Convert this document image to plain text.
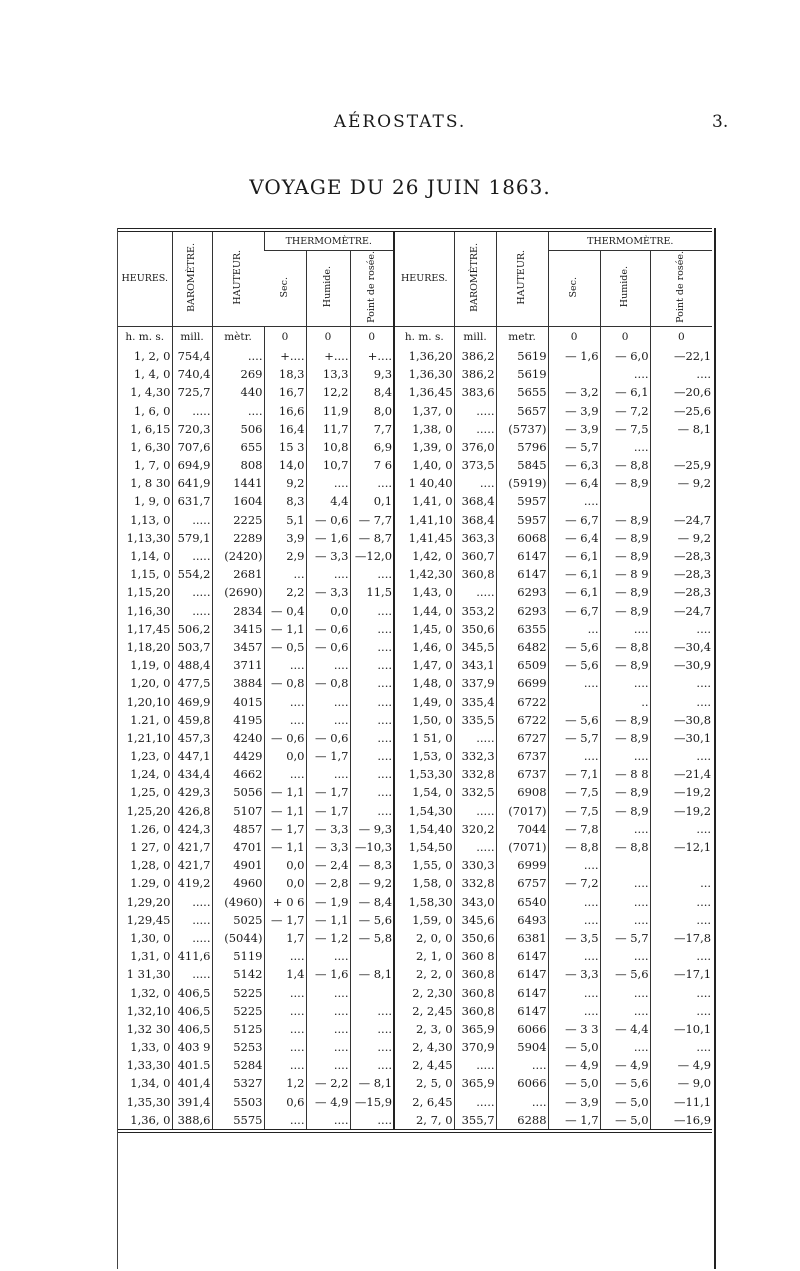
AÉROSTATS.	3.
VOYAGE DU 26 JUIN 1863.
HEURES.	BAROMÈTRE.	HAUTEUR.	THERMOMÈTRE.			HEURES.	BAROMÈTRE.	HAUTEUR.	THERMOMÈTRE.		
			Sec.	Humide.	Point de rosée.				Sec.	Humide.	Point de rosée.
h. m. s.	mill.	mètr.	0	0	0	h. m. s.	mill.	metr.	0	0	0
1, 2, 0	754,4	....	+....	+....	+....	1,36,20	386,2	5619	— 1,6	— 6,0	—22,1
1, 4, 0	740,4	269	18,3	13,3	9,3	1,36,30	386,2	5619		....	....
1, 4,30	725,7	440	16,7	12,2	8,4	1,36,45	383,6	5655	— 3,2	— 6,1	—20,6
1, 6, 0	.....	....	16,6	11,9	8,0	1,37, 0	.....	5657	— 3,9	— 7,2	—25,6
1, 6,15	720,3	506	16,4	11,7	7,7	1,38, 0	.....	(5737)	— 3,9	— 7,5	— 8,1
1, 6,30	707,6	655	15 3	10,8	6,9	1,39, 0	376,0	5796	— 5,7	....	
1, 7, 0	694,9	808	14,0	10,7	7 6	1,40, 0	373,5	5845	— 6,3	— 8,8	—25,9
1, 8 30	641,9	1441	9,2	....	....	1 40,40	....	(5919)	— 6,4	— 8,9	— 9,2
1, 9, 0	631,7	1604	8,3	4,4	0,1	1,41, 0	368,4	5957	....		
1,13, 0	.....	2225	5,1	— 0,6	— 7,7	1,41,10	368,4	5957	— 6,7	— 8,9	—24,7
1,13,30	579,1	2289	3,9	— 1,6	— 8,7	1,41,45	363,3	6068	— 6,4	— 8,9	— 9,2
1,14, 0	.....	(2420)	2,9	— 3,3	—12,0	1,42, 0	360,7	6147	— 6,1	— 8,9	—28,3
1,15, 0	554,2	2681	...	....	....	1,42,30	360,8	6147	— 6,1	— 8 9	—28,3
1,15,20	.....	(2690)	2,2	— 3,3	11,5	1,43, 0	.....	6293	— 6,1	— 8,9	—28,3
1,16,30	.....	2834	— 0,4	0,0	....	1,44, 0	353,2	6293	— 6,7	— 8,9	—24,7
1,17,45	506,2	3415	— 1,1	— 0,6	....	1,45, 0	350,6	6355	...	....	....
1,18,20	503,7	3457	— 0,5	— 0,6	....	1,46, 0	345,5	6482	— 5,6	— 8,8	—30,4
1,19, 0	488,4	3711	....	....	....	1,47, 0	343,1	6509	— 5,6	— 8,9	—30,9
1,20, 0	477,5	3884	— 0,8	— 0,8	....	1,48, 0	337,9	6699	....	....	....
1,20,10	469,9	4015	....	....	....	1,49, 0	335,4	6722		..	....
1.21, 0	459,8	4195	....	....	....	1,50, 0	335,5	6722	— 5,6	— 8,9	—30,8
1,21,10	457,3	4240	— 0,6	— 0,6	....	1 51, 0	.....	6727	— 5,7	— 8,9	—30,1
1,23, 0	447,1	4429	0,0	— 1,7	....	1,53, 0	332,3	6737	....	....	....
1,24, 0	434,4	4662	....	....	....	1,53,30	332,8	6737	— 7,1	— 8 8	—21,4
1,25, 0	429,3	5056	— 1,1	— 1,7	....	1,54, 0	332,5	6908	— 7,5	— 8,9	—19,2
1,25,20	426,8	5107	— 1,1	— 1,7	....	1,54,30	.....	(7017)	— 7,5	— 8,9	—19,2
1.26, 0	424,3	4857	— 1,7	— 3,3	— 9,3	1,54,40	320,2	7044	— 7,8	....	....
1 27, 0	421,7	4701	— 1,1	— 3,3	—10,3	1,54,50	.....	(7071)	— 8,8	— 8,8	—12,1
1,28, 0	421,7	4901	0,0	— 2,4	— 8,3	1,55, 0	330,3	6999	....		
1.29, 0	419,2	4960	0,0	— 2,8	— 9,2	1,58, 0	332,8	6757	— 7,2	....	...
1,29,20	.....	(4960)	+ 0 6	— 1,9	— 8,4	1,58,30	343,0	6540	....	....	....
1,29,45	.....	5025	— 1,7	— 1,1	— 5,6	1,59, 0	345,6	6493	....	....	....
1,30, 0	.....	(5044)	1,7	— 1,2	— 5,8	2, 0, 0	350,6	6381	— 3,5	— 5,7	—17,8
1,31, 0	411,6	5119	....	....		2, 1, 0	360 8	6147	....	....	....
1 31,30	.....	5142	1,4	— 1,6	— 8,1	2, 2, 0	360,8	6147	— 3,3	— 5,6	—17,1
1,32, 0	406,5	5225	....	....		2, 2,30	360,8	6147	....	....	....
1,32,10	406,5	5225	....	....	....	2, 2,45	360,8	6147	....	....	....
1,32 30	406,5	5125	....	....	....	2, 3, 0	365,9	6066	— 3 3	— 4,4	—10,1
1,33, 0	403 9	5253	....	....	....	2, 4,30	370,9	5904	— 5,0	....	....
1,33,30	401.5	5284	....	....	....	2, 4,45	.....	....	— 4,9	— 4,9	— 4,9
1,34, 0	401,4	5327	1,2	— 2,2	— 8,1	2, 5, 0	365,9	6066	— 5,0	— 5,6	— 9,0
1,35,30	391,4	5503	0,6	— 4,9	—15,9	2, 6,45	.....	....	— 3,9	— 5,0	—11,1
1,36, 0	388,6	5575	....	....	....	2, 7, 0	355,7	6288	— 1,7	— 5,0	—16,9
